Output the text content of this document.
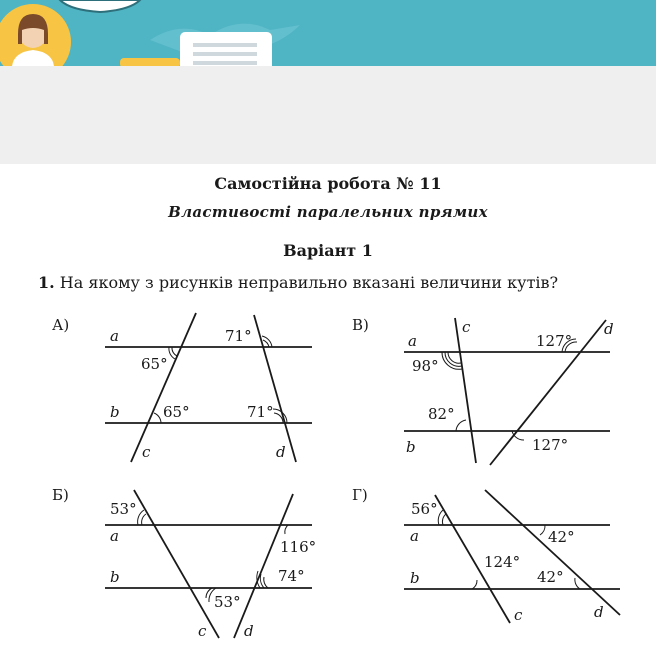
Самостійна робота № 11
Властивості паралельних прямих
Варіант 1
1. На якому з рисунків неправильно вказані величини кутів?
А)
a
b
c	d
65°
71°
65°	71°
В)
a
b
c	d
98°
82°
127°
127°
Б)
a
b
c	d
53°
116°
74°
53°
Г)
a
b
c	d
56°
124°
42°
42°
